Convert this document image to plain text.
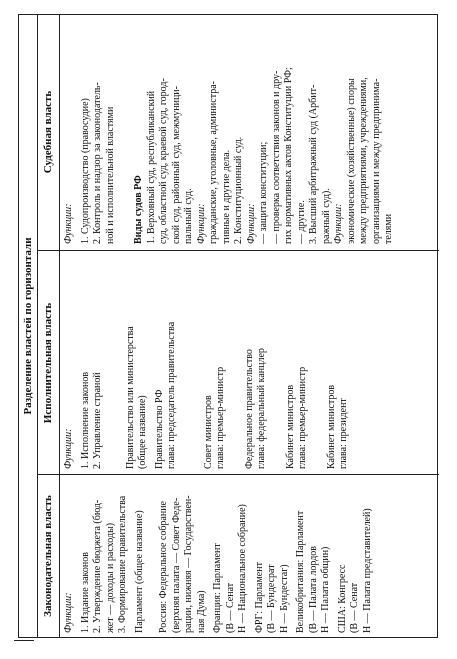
Разделение властей по горизонтали
Законодательная власть
Исполнительная власть
Судебная власть
Функции: 1. Издание законов 2. Утверждение бюджета (бюд- жет — доходы и расходы) 3. Формирование правительства Парламент (общее название) Россия: Федеральное собрание (верхняя палата — Совет Феде- рации, нижняя — Государствен- ная Дума) Франция: Парламент (В — Сенат Н — Национальное собрание) ФРГ: Парламент (В — Бундесрат Н — Бундестаг) Великобритания: Парламент (В — Палата лордов Н — Палата общин) США: Конгресс (В — Сенат Н — Палата представителей)
Функции: 1. Исполнение законов 2. Управление страной Правительство или министерства (общее название) Правительство РФ глава: председатель правительства	Совет министров глава: премьер-министр Федеральное правительство глава: федеральный канцлер Кабинет министров глава: премьер-министр Кабинет министров глава: президент
Функции: 1. Судопроизводство (правосудие) 2. Контроль и надзор за законодатель- ной и исполнительной властями Виды судов РФ 1. Верховный суд, республиканский суд, областной суд, краевой суд, город- ской суд, районный суд, межмуници- пальный суд. Функции: гражданские, уголовные, администра- тивные и другие дела. 2. Конституционный суд. Функции: — защита конституции; — проверка соответствия законов и дру- гих нормативных актов Конституции РФ; — другие. 3. Высший арбитражный суд (Арбит- ражный суд). Функции: экономические (хозяйственные) споры между предприятиями, учреждениями, организациями и между предпринима- телями
